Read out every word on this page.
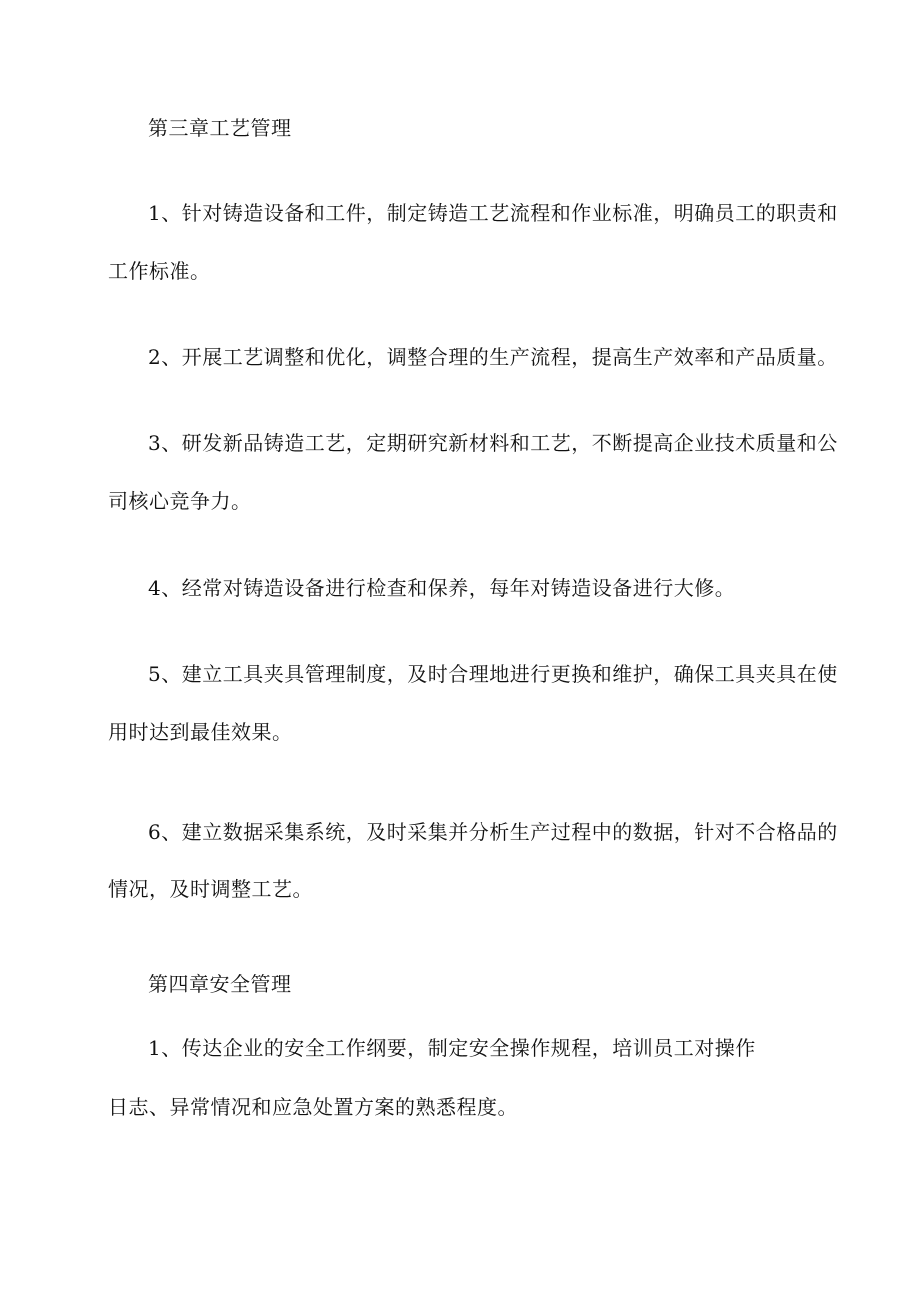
第三章工艺管理

1、针对铸造设备和工件，制定铸造工艺流程和作业标准，明确员工的职责和

工作标准。

2、开展工艺调整和优化，调整合理的生产流程，提高生产效率和产品质量。

3、研发新品铸造工艺，定期研究新材料和工艺，不断提高企业技术质量和公

司核心竞争力。

4、经常对铸造设备进行检查和保养，每年对铸造设备进行大修。

5、建立工具夹具管理制度，及时合理地进行更换和维护，确保工具夹具在使

用时达到最佳效果。

6、建立数据采集系统，及时采集并分析生产过程中的数据，针对不合格品的

情况，及时调整工艺。

第四章安全管理

1、传达企业的安全工作纲要，制定安全操作规程，培训员工对操作

日志、异常情况和应急处置方案的熟悉程度。
